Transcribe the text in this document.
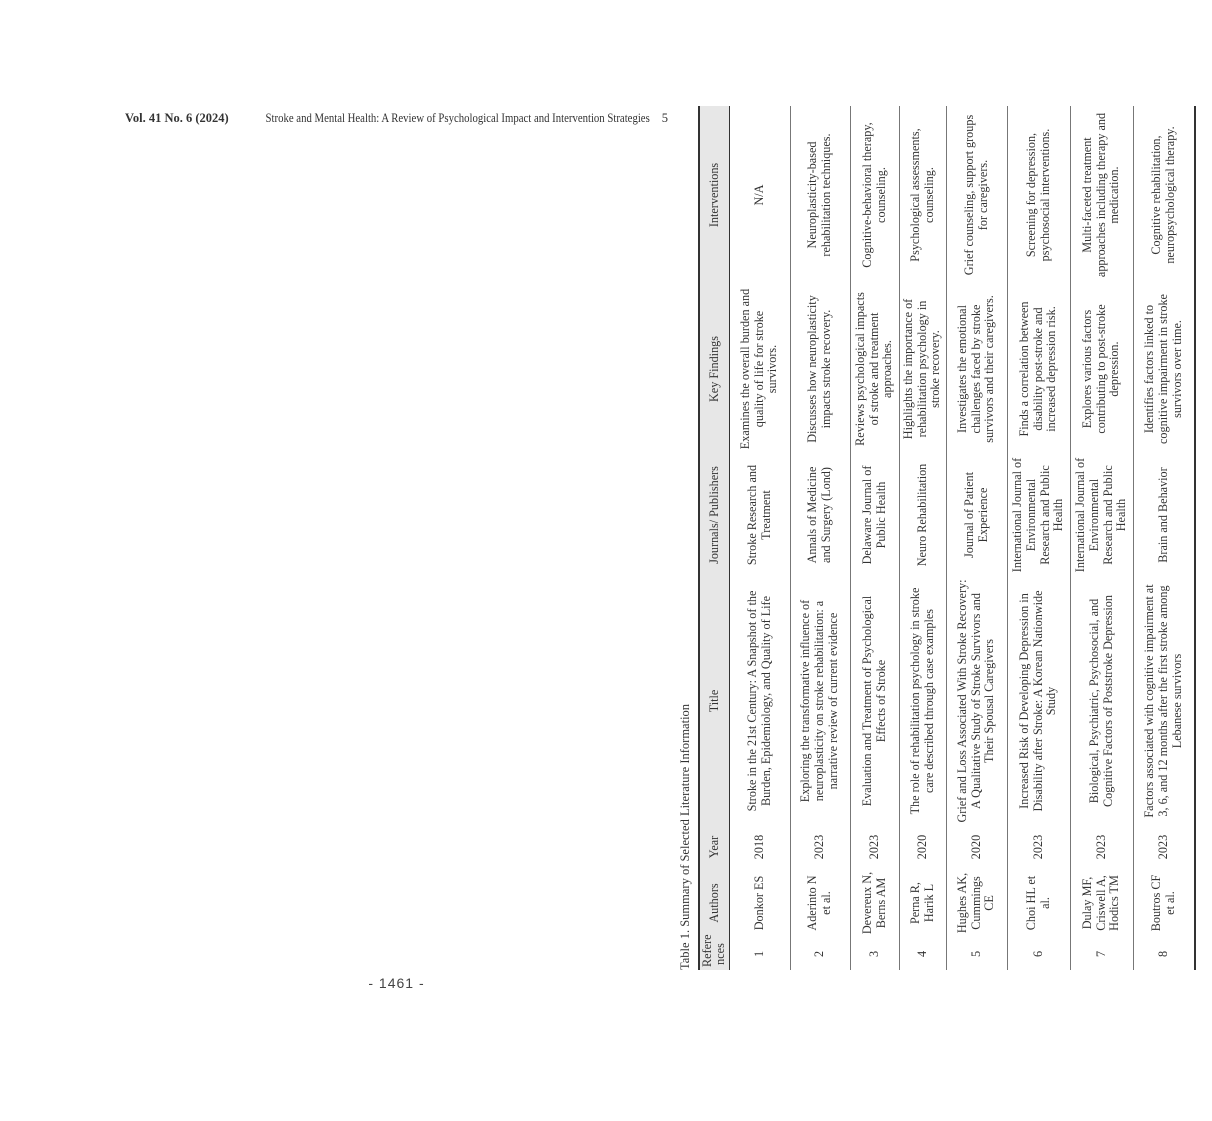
Vol. 41 No. 6 (2024)	Stroke and Mental Health: A Review of Psychological Impact and Intervention Strategies 5
Table 1. Summary of Selected Literature Information Refere nces	Authors	Year	Title	Journals/ Publishers	Key Findings	Interventions
1	Donkor ES	2018	Stroke in the 21st Century: A Snapshot of the Burden, Epidemiology, and Quality of Life	Stroke Research and Treatment	Examines the overall burden and quality of life for stroke survivors.	N/A
2	Aderinto N et al.	2023	Exploring the transformative influence of neuroplasticity on stroke rehabilitation: a narrative review of current evidence	Annals of Medicine and Surgery (Lond)	Discusses how neuroplasticity impacts stroke recovery.	Neuroplasticity-based rehabilitation techniques.
3	Devereux N, Berns AM	2023	Evaluation and Treatment of Psychological Effects of Stroke	Delaware Journal of Public Health	Reviews psychological impacts of stroke and treatment approaches.	Cognitive-behavioral therapy, counseling.
4	Perna R, Harik L	2020	The role of rehabilitation psychology in stroke care described through case examples	Neuro Rehabilitation	Highlights the importance of rehabilitation psychology in stroke recovery.	Psychological assessments, counseling.
5	Hughes AK, Cummings CE	2020	Grief and Loss Associated With Stroke Recovery: A Qualitative Study of Stroke Survivors and Their Spousal Caregivers	Journal of Patient Experience	Investigates the emotional challenges faced by stroke survivors and their caregivers.	Grief counseling, support groups for caregivers.
6	Choi HL et al.	2023	Increased Risk of Developing Depression in Disability after Stroke: A Korean Nationwide Study	International Journal of Environmental Research and Public Health	Finds a correlation between disability post-stroke and increased depression risk.	Screening for depression, psychosocial interventions.
7	Dulay MF, Criswell A, Hodics TM	2023	Biological, Psychiatric, Psychosocial, and Cognitive Factors of Poststroke Depression	International Journal of Environmental Research and Public Health	Explores various factors contributing to post-stroke depression.	Multi-faceted treatment approaches including therapy and medication.
8	Boutros CF et al.	2023	Factors associated with cognitive impairment at 3, 6, and 12 months after the first stroke among Lebanese survivors	Brain and Behavior	Identifies factors linked to cognitive impairment in stroke survivors over time.	Cognitive rehabilitation, neuropsychological therapy.
- 1461 -
